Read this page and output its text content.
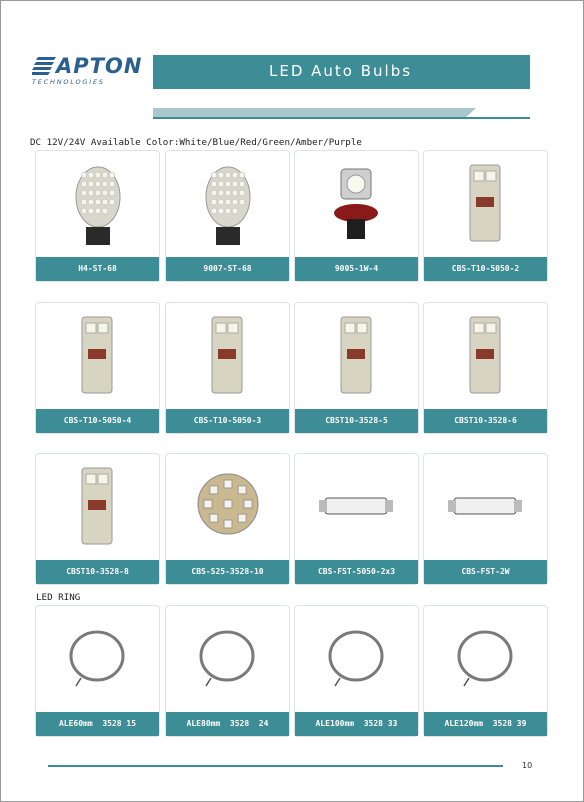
APTON
TECHNOLOGIES
LED Auto Bulbs
DC 12V/24V Available Color:White/Blue/Red/Green/Amber/Purple
H4-ST-68	9007-ST-68	9005-1W-4	CBS-T10-5050-2
CBS-T10-5050-4	CBS-T10-5050-3	CBST10-3528-5	CBST10-3528-6
CBST10-3528-8	CBS-S25-3528-10	CBS-FST-5050-2x3	CBS-FST-2W
LED RING
ALE60mm  3528 15	ALE80mm  3528  24	ALE100mm  3528 33	ALE120mm  3528 39
10
